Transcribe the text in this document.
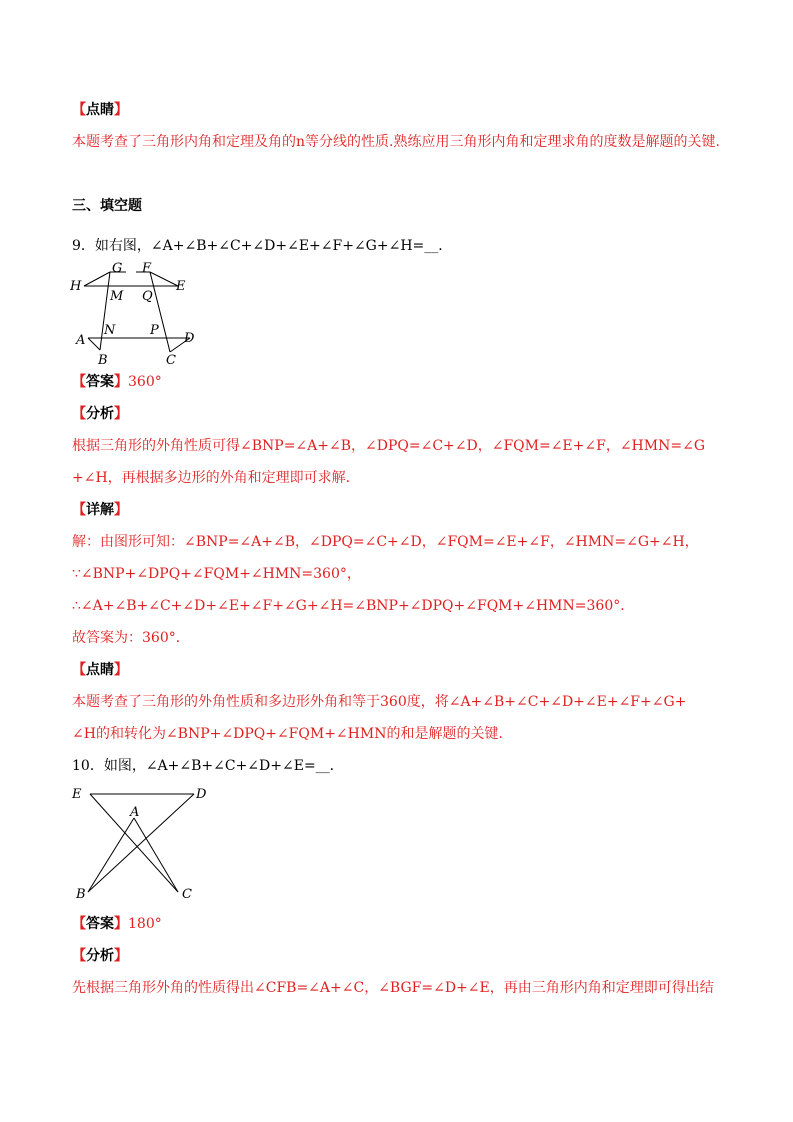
【点睛】
本题考查了三角形内角和定理及角的n等分线的性质.熟练应用三角形内角和定理求角的度数是解题的关键.
三、填空题
9．如右图，∠A+∠B+∠C+∠D+∠E+∠F+∠G+∠H=__．
G F
H	E
M Q
N	P
A	D
B	C
【答案】360°
【分析】
根据三角形的外角性质可得∠BNP=∠A+∠B，∠DPQ=∠C+∠D，∠FQM=∠E+∠F，∠HMN=∠G
+∠H，再根据多边形的外角和定理即可求解．
【详解】
解：由图形可知：∠BNP=∠A+∠B，∠DPQ=∠C+∠D，∠FQM=∠E+∠F，∠HMN=∠G+∠H，
∵∠BNP+∠DPQ+∠FQM+∠HMN=360°，
∴∠A+∠B+∠C+∠D+∠E+∠F+∠G+∠H=∠BNP+∠DPQ+∠FQM+∠HMN=360°．
故答案为：360°．
【点睛】
本题考查了三角形的外角性质和多边形外角和等于360度，将∠A+∠B+∠C+∠D+∠E+∠F+∠G+
∠H的和转化为∠BNP+∠DPQ+∠FQM+∠HMN的和是解题的关键．
10．如图，∠A+∠B+∠C+∠D+∠E=__．
E	D
A
B	C
【答案】180°
【分析】
先根据三角形外角的性质得出∠CFB=∠A+∠C，∠BGF=∠D+∠E，再由三角形内角和定理即可得出结
